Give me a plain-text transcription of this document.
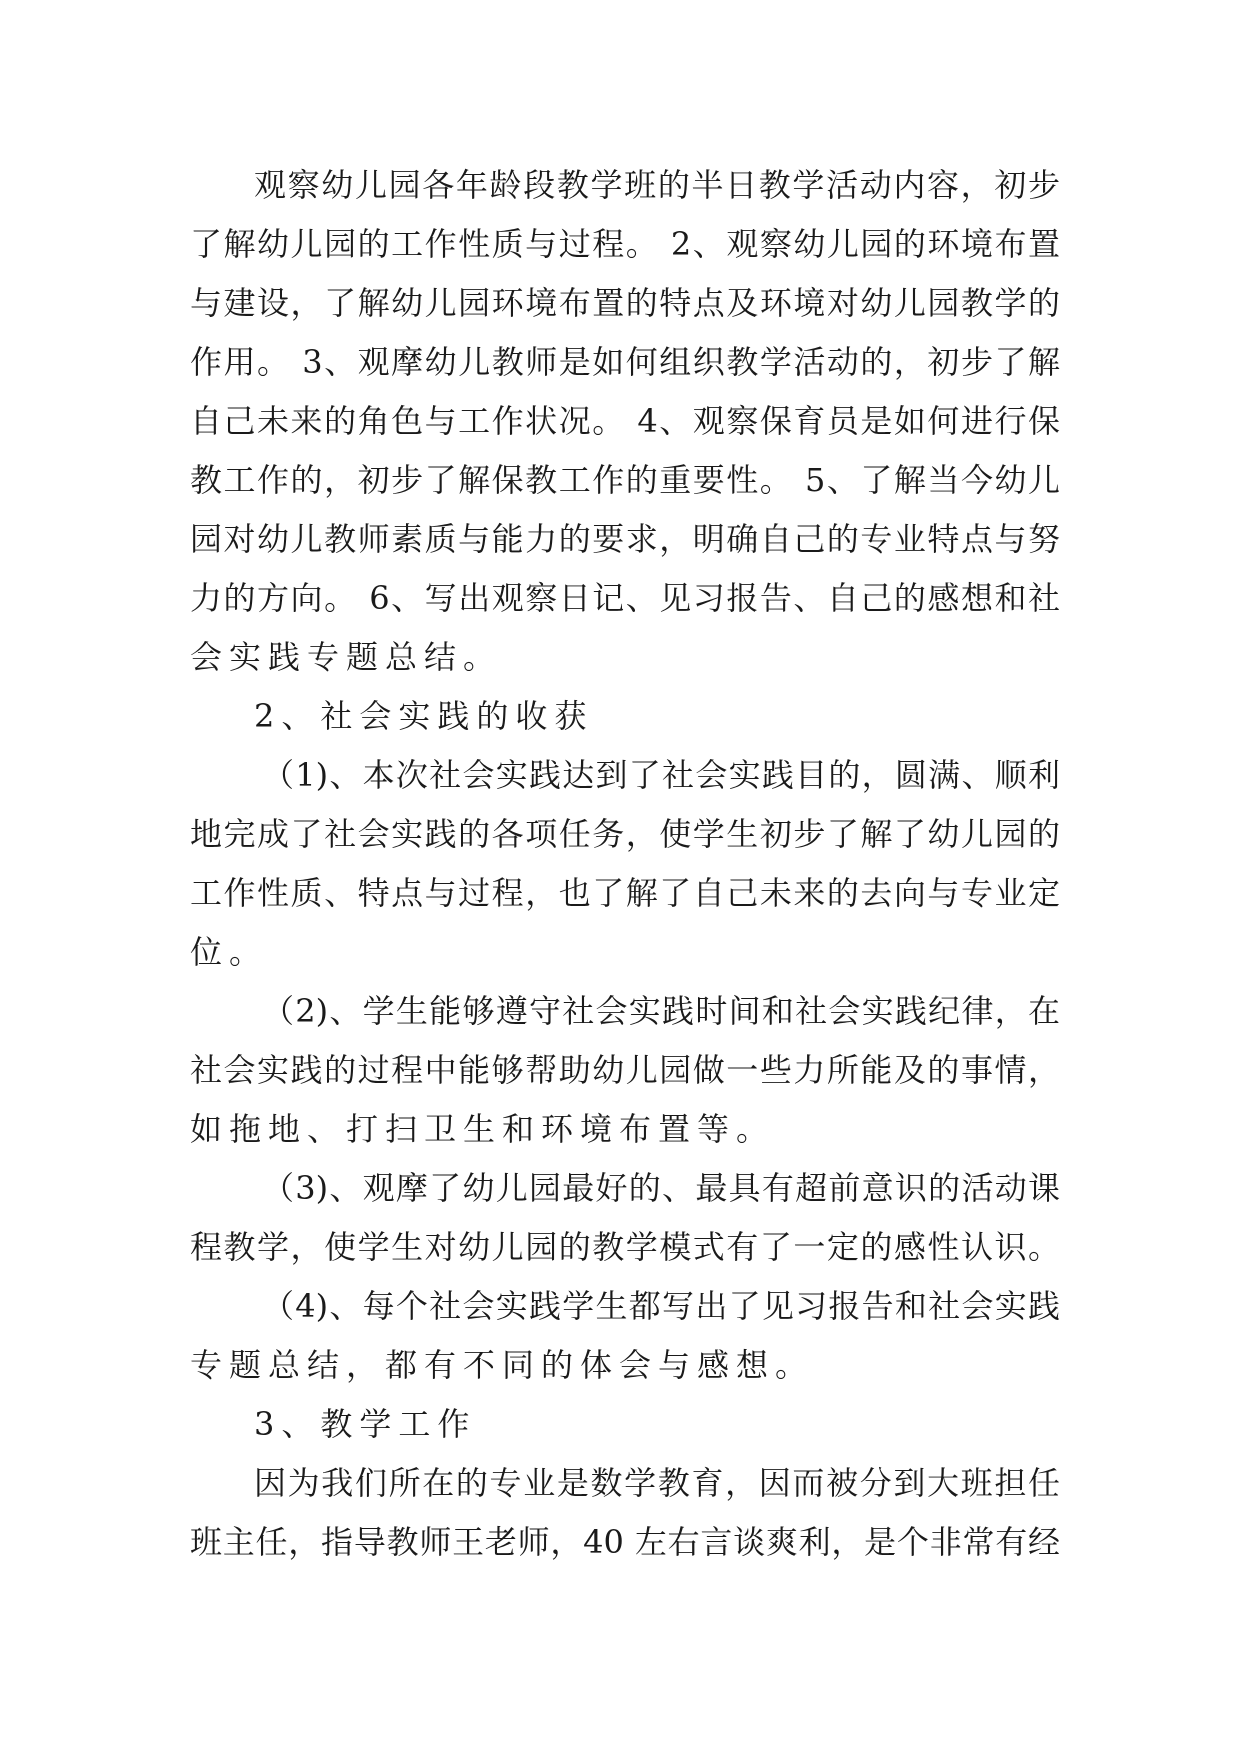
观察幼儿园各年龄段教学班的半日教学活动内容，初步
了解幼儿园的工作性质与过程。 2、观察幼儿园的环境布置
与建设，了解幼儿园环境布置的特点及环境对幼儿园教学的
作用。 3、观摩幼儿教师是如何组织教学活动的，初步了解
自己未来的角色与工作状况。 4、观察保育员是如何进行保
教工作的，初步了解保教工作的重要性。 5、了解当今幼儿
园对幼儿教师素质与能力的要求，明确自己的专业特点与努
力的方向。 6、写出观察日记、见习报告、自己的感想和社
会实践专题总结。
2、社会实践的收获
（1)、本次社会实践达到了社会实践目的，圆满、顺利
地完成了社会实践的各项任务，使学生初步了解了幼儿园的
工作性质、特点与过程，也了解了自己未来的去向与专业定
位。
（2)、学生能够遵守社会实践时间和社会实践纪律，在
社会实践的过程中能够帮助幼儿园做一些力所能及的事情，
如拖地、打扫卫生和环境布置等。
（3)、观摩了幼儿园最好的、最具有超前意识的活动课
程教学，使学生对幼儿园的教学模式有了一定的感性认识。
（4)、每个社会实践学生都写出了见习报告和社会实践
专题总结，都有不同的体会与感想。
3、教学工作
因为我们所在的专业是数学教育，因而被分到大班担任
班主任，指导教师王老师，40 左右言谈爽利，是个非常有经
